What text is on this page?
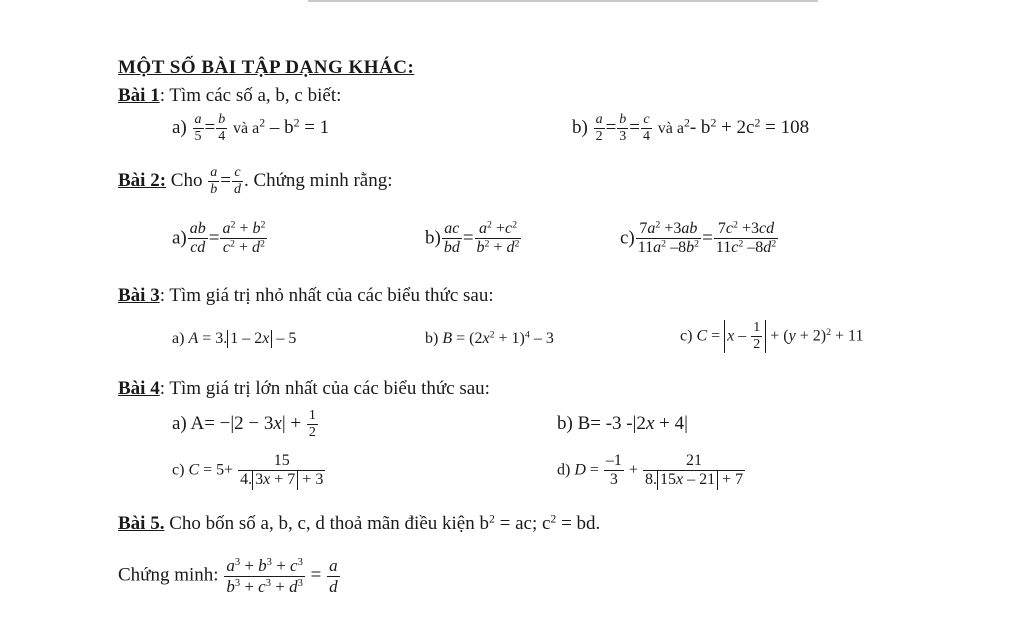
MỘT SỐ BÀI TẬP DẠNG KHÁC:
Bài 1: Tìm các số a, b, c biết:
$a) \frac{a}{5} = \frac{b}{4}$ và $a^2 - b^2 = 1$	$b) \frac{a}{2} = \frac{b}{3} = \frac{c}{4}$ và $a^2-$ $b^2 + 2c^2 = 108$
Bài 2: Cho $\frac{a}{b} = \frac{c}{d}$ . Chứng minh rằng:
$a) \frac{ab}{cd} = \frac{a^2 + b^2}{c^2 + d^2}$	$b) \frac{ac}{bd} = \frac{a^2 +c^2}{b^2 + d^2}$	$c) \frac{7a^2 +3ab}{11a^2 -8b^2} = \frac{7c^2 +3cd}{11c^2 -8d^2}$
Bài 3: Tìm giá trị nhỏ nhất của các biểu thức sau:
a) A = 3. 1 – 2x – 5	b) $B = (2x^2 + 1)^4 - 3$	c) $C = x - \frac{1}{2} + (y + 2)^2 + 11$
Bài 4: Tìm giá trị lớn nhất của các biểu thức sau:
a) $A= -|2 - 3x| + \frac{1}{2}$	b) B= -3 -|2x + 4|
c) $C = 5+ \frac{15}{4. 3x + 7 + 3}$	d) $D = \frac{-1}{3} + \frac{21}{8. 15x - 21 + 7}$
Bài 5. Cho bốn số a, b, c, d thoả mãn điều kiện $b^2$ = ac; $c^2$ = bd.
Chứng minh: $\frac{a^3 + b^3 + c^3}{b^3 + c^3 + d^3} = \frac{a}{d}$
